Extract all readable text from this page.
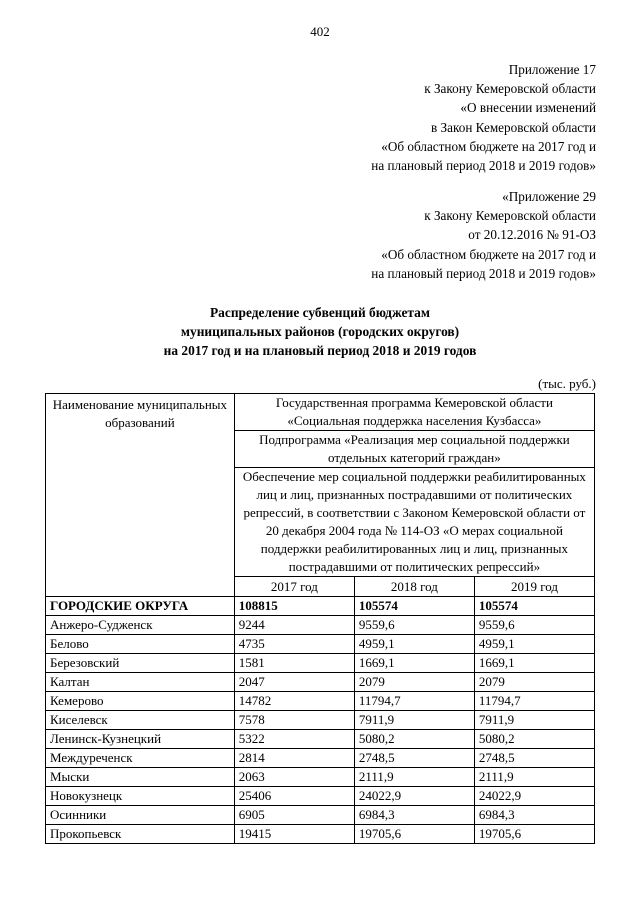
402
Приложение 17
к Закону Кемеровской области
«О внесении изменений
в Закон Кемеровской области
«Об областном бюджете на 2017 год и
на плановый период 2018 и 2019 годов»
«Приложение 29
к Закону Кемеровской области
от 20.12.2016 № 91-ОЗ
«Об областном бюджете на 2017 год и
на плановый период 2018 и 2019 годов»
Распределение субвенций бюджетам
муниципальных районов (городских округов)
на 2017 год и на плановый период 2018 и 2019 годов
(тыс. руб.)
Наименование муниципальных образований	Государственная программа Кемеровской области «Социальная поддержка населения Кузбасса»		
	Подпрограмма «Реализация мер социальной поддержки отдельных категорий граждан»		
	Обеспечение мер социальной поддержки реабилитированных лиц и лиц, признанных пострадавшими от политических репрессий, в соответствии с Законом Кемеровской области от 20 декабря 2004 года № 114-ОЗ «О мерах социальной поддержки реабилитированных лиц и лиц, признанных пострадавшими от политических репрессий»		
	2017 год	2018 год	2019 год
ГОРОДСКИЕ ОКРУГА	108815	105574	105574
Анжеро-Судженск	9244	9559,6	9559,6
Белово	4735	4959,1	4959,1
Березовский	1581	1669,1	1669,1
Калтан	2047	2079	2079
Кемерово	14782	11794,7	11794,7
Киселевск	7578	7911,9	7911,9
Ленинск-Кузнецкий	5322	5080,2	5080,2
Междуреченск	2814	2748,5	2748,5
Мыски	2063	2111,9	2111,9
Новокузнецк	25406	24022,9	24022,9
Осинники	6905	6984,3	6984,3
Прокопьевск	19415	19705,6	19705,6
